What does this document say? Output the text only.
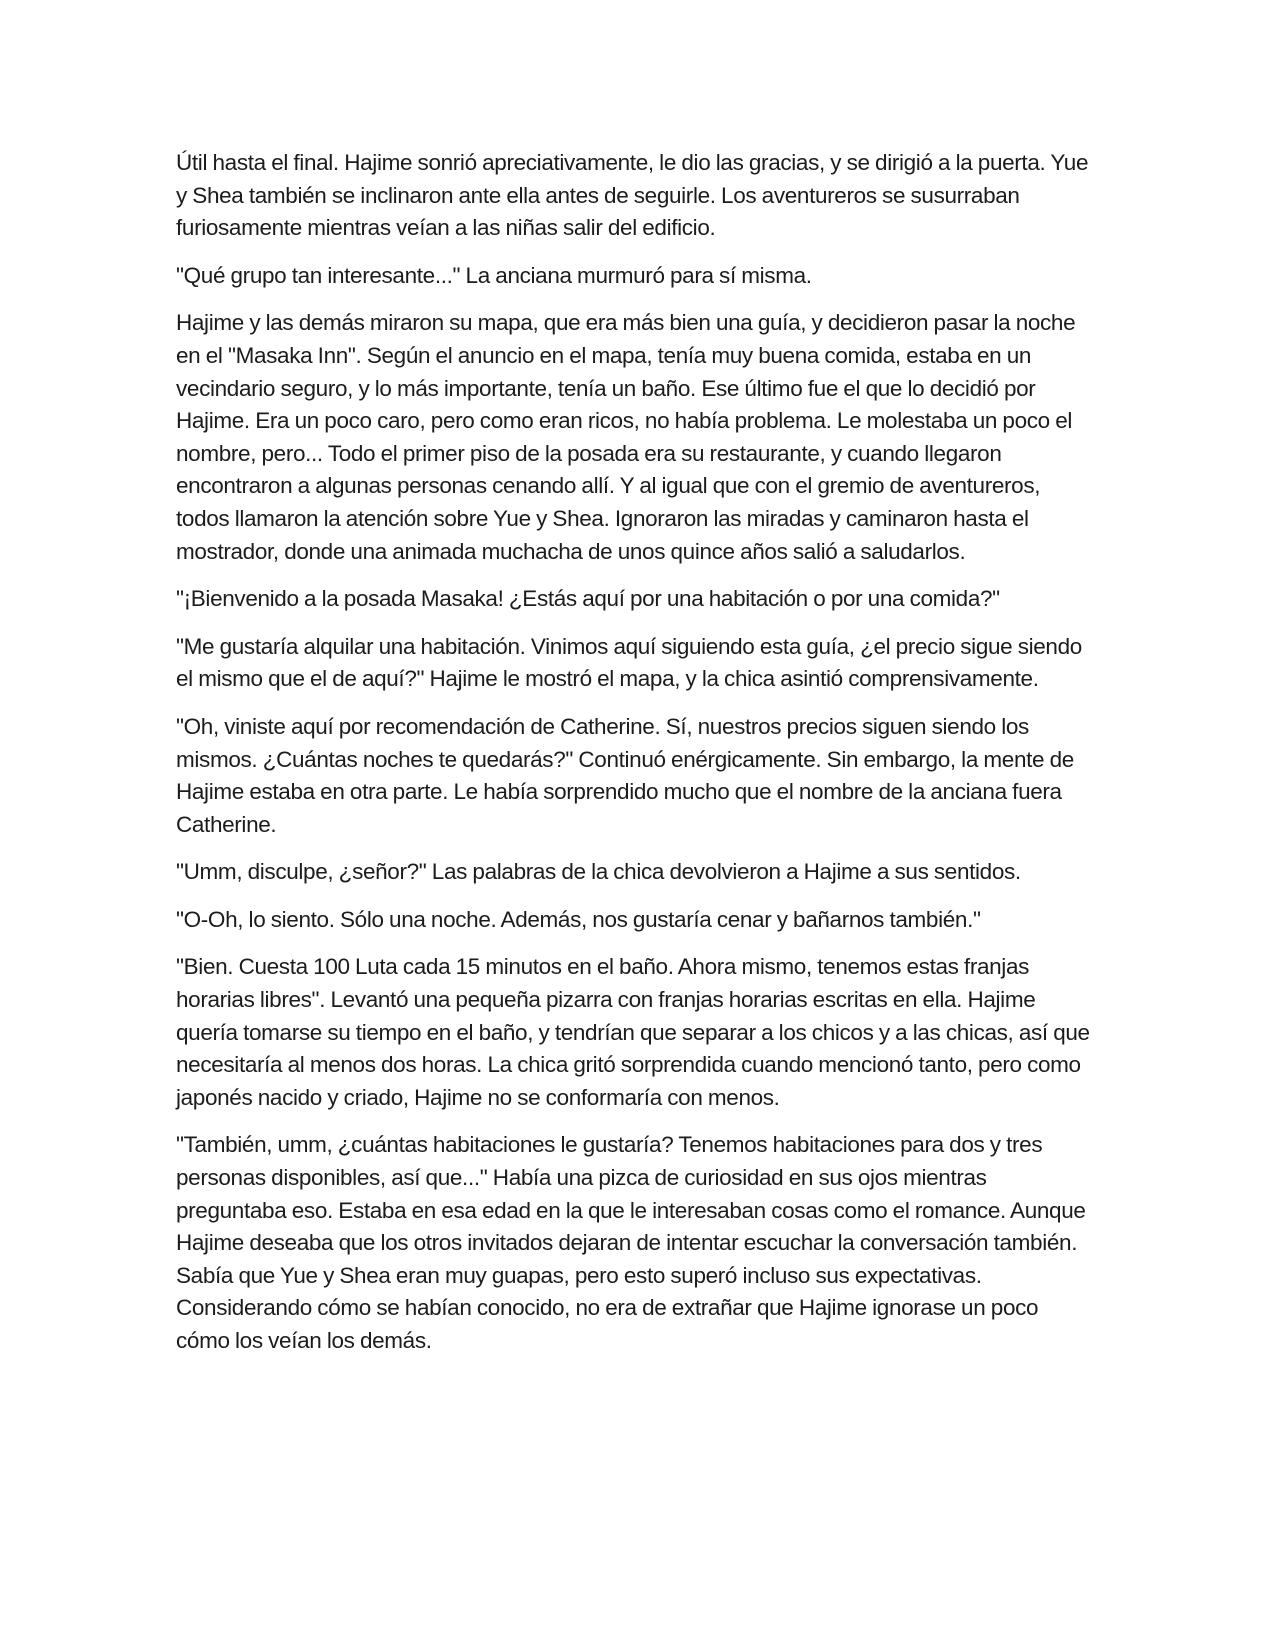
Útil hasta el final. Hajime sonrió apreciativamente, le dio las gracias, y se dirigió a la puerta. Yue y Shea también se inclinaron ante ella antes de seguirle. Los aventureros se susurraban furiosamente mientras veían a las niñas salir del edificio.

"Qué grupo tan interesante..." La anciana murmuró para sí misma.

Hajime y las demás miraron su mapa, que era más bien una guía, y decidieron pasar la noche en el "Masaka Inn". Según el anuncio en el mapa, tenía muy buena comida, estaba en un vecindario seguro, y lo más importante, tenía un baño. Ese último fue el que lo decidió por Hajime. Era un poco caro, pero como eran ricos, no había problema. Le molestaba un poco el nombre, pero... Todo el primer piso de la posada era su restaurante, y cuando llegaron encontraron a algunas personas cenando allí. Y al igual que con el gremio de aventureros, todos llamaron la atención sobre Yue y Shea. Ignoraron las miradas y caminaron hasta el mostrador, donde una animada muchacha de unos quince años salió a saludarlos.

"¡Bienvenido a la posada Masaka! ¿Estás aquí por una habitación o por una comida?"

"Me gustaría alquilar una habitación. Vinimos aquí siguiendo esta guía, ¿el precio sigue siendo el mismo que el de aquí?" Hajime le mostró el mapa, y la chica asintió comprensivamente.

"Oh, viniste aquí por recomendación de Catherine. Sí, nuestros precios siguen siendo los mismos. ¿Cuántas noches te quedarás?" Continuó enérgicamente. Sin embargo, la mente de Hajime estaba en otra parte. Le había sorprendido mucho que el nombre de la anciana fuera Catherine.

"Umm, disculpe, ¿señor?" Las palabras de la chica devolvieron a Hajime a sus sentidos.

"O-Oh, lo siento. Sólo una noche. Además, nos gustaría cenar y bañarnos también."

"Bien. Cuesta 100 Luta cada 15 minutos en el baño. Ahora mismo, tenemos estas franjas horarias libres". Levantó una pequeña pizarra con franjas horarias escritas en ella. Hajime quería tomarse su tiempo en el baño, y tendrían que separar a los chicos y a las chicas, así que necesitaría al menos dos horas. La chica gritó sorprendida cuando mencionó tanto, pero como japonés nacido y criado, Hajime no se conformaría con menos.

"También, umm, ¿cuántas habitaciones le gustaría? Tenemos habitaciones para dos y tres personas disponibles, así que..." Había una pizca de curiosidad en sus ojos mientras preguntaba eso. Estaba en esa edad en la que le interesaban cosas como el romance. Aunque Hajime deseaba que los otros invitados dejaran de intentar escuchar la conversación también. Sabía que Yue y Shea eran muy guapas, pero esto superó incluso sus expectativas. Considerando cómo se habían conocido, no era de extrañar que Hajime ignorase un poco cómo los veían los demás.
